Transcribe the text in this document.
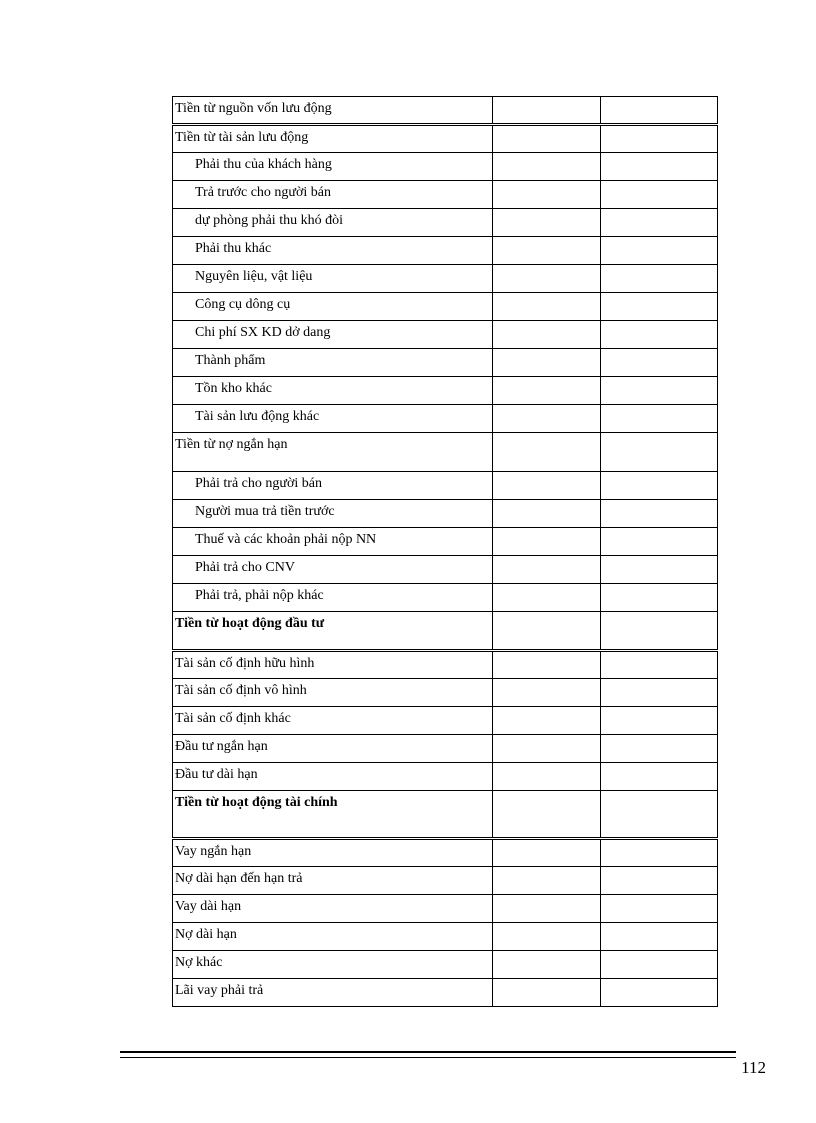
Tiền từ nguồn vốn lưu động		

Tiền từ tài sản lưu động		

Phải thu của khách hàng		

Trả trước cho người bán		

dự phòng phải thu khó đòi		

Phải thu khác		

Nguyên liệu, vật liệu		

Công cụ dông cụ		

Chi phí SX KD dở dang		

Thành phẩm		

Tồn kho khác		

Tài sản lưu động khác		

Tiền từ nợ ngắn hạn		

Phải trả cho người bán		

Người mua trả tiền trước		

Thuế và các khoản phải nộp NN		

Phải trả cho CNV		

Phải trả, phải nộp khác		

Tiền từ hoạt động đầu tư		

Tài sản cố định hữu hình		

Tài sản cố định vô hình		

Tài sản cố định khác		

Đầu tư ngắn hạn		

Đầu tư dài hạn		

Tiền từ hoạt động tài chính		

Vay ngắn hạn		

Nợ dài hạn đến hạn trả		

Vay dài hạn		

Nợ dài hạn		

Nợ khác		

Lãi vay phải trả		

112
